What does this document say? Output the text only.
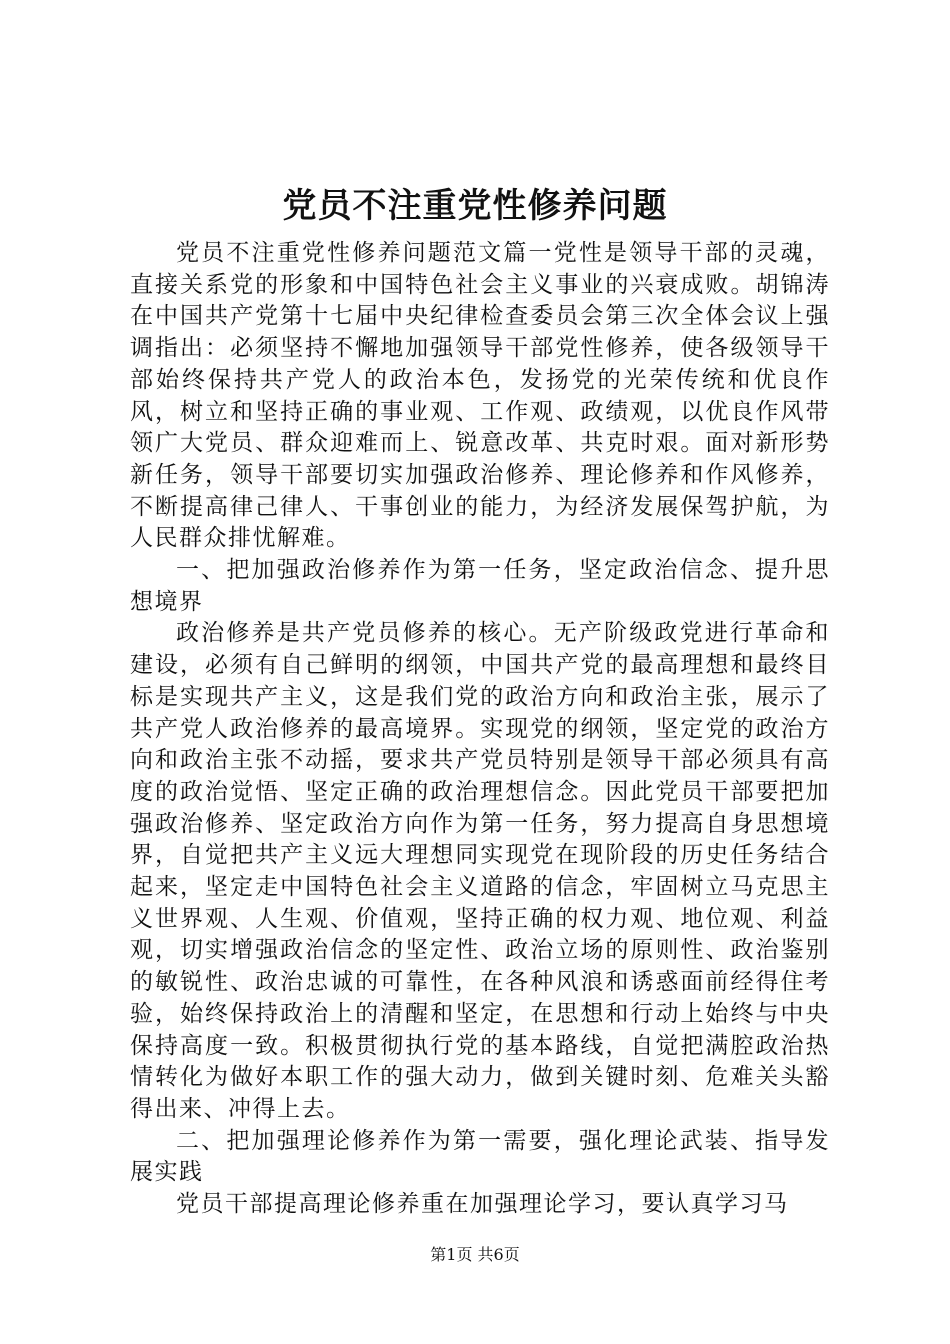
党员不注重党性修养问题

党员不注重党性修养问题范文篇一党性是领导干部的灵魂，直接关系党的形象和中国特色社会主义事业的兴衰成败。胡锦涛在中国共产党第十七届中央纪律检查委员会第三次全体会议上强调指出：必须坚持不懈地加强领导干部党性修养，使各级领导干部始终保持共产党人的政治本色，发扬党的光荣传统和优良作风，树立和坚持正确的事业观、工作观、政绩观，以优良作风带领广大党员、群众迎难而上、锐意改革、共克时艰。面对新形势新任务，领导干部要切实加强政治修养、理论修养和作风修养，不断提高律己律人、干事创业的能力，为经济发展保驾护航，为人民群众排忧解难。

一、把加强政治修养作为第一任务，坚定政治信念、提升思想境界

政治修养是共产党员修养的核心。无产阶级政党进行革命和建设，必须有自己鲜明的纲领，中国共产党的最高理想和最终目标是实现共产主义，这是我们党的政治方向和政治主张，展示了共产党人政治修养的最高境界。实现党的纲领，坚定党的政治方向和政治主张不动摇，要求共产党员特别是领导干部必须具有高度的政治觉悟、坚定正确的政治理想信念。因此党员干部要把加强政治修养、坚定政治方向作为第一任务，努力提高自身思想境界，自觉把共产主义远大理想同实现党在现阶段的历史任务结合起来，坚定走中国特色社会主义道路的信念，牢固树立马克思主义世界观、人生观、价值观，坚持正确的权力观、地位观、利益观，切实增强政治信念的坚定性、政治立场的原则性、政治鉴别的敏锐性、政治忠诚的可靠性，在各种风浪和诱惑面前经得住考验，始终保持政治上的清醒和坚定，在思想和行动上始终与中央保持高度一致。积极贯彻执行党的基本路线，自觉把满腔政治热情转化为做好本职工作的强大动力，做到关键时刻、危难关头豁得出来、冲得上去。

二、把加强理论修养作为第一需要，强化理论武装、指导发展实践

党员干部提高理论修养重在加强理论学习，要认真学习马

第1页 共6页
